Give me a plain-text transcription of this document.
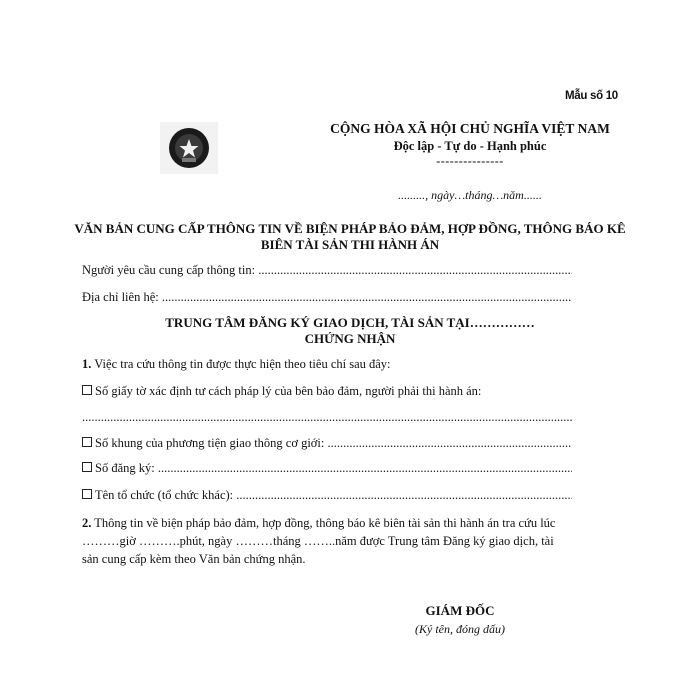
Mẫu số 10
CỘNG HÒA XÃ HỘI CHỦ NGHĨA VIỆT NAM
Độc lập - Tự do - Hạnh phúc
---------------
........., ngày…tháng…năm......
VĂN BẢN CUNG CẤP THÔNG TIN VỀ BIỆN PHÁP BẢO ĐẢM, HỢP ĐỒNG, THÔNG BÁO KÊ BIÊN TÀI SẢN THI HÀNH ÁN
Người yêu cầu cung cấp thông tin: .....
Địa chỉ liên hệ: .....
TRUNG TÂM ĐĂNG KÝ GIAO DỊCH, TÀI SẢN TẠI……………
CHỨNG NHẬN
1. Việc tra cứu thông tin được thực hiện theo tiêu chí sau đây:
Số giấy tờ xác định tư cách pháp lý của bên bảo đảm, người phải thi hành án:
.....
Số khung của phương tiện giao thông cơ giới: .....
Số đăng ký: .....
Tên tổ chức (tổ chức khác): .....
2. Thông tin về biện pháp bảo đảm, hợp đồng, thông báo kê biên tài sản thi hành án tra cứu lúc ………giờ ……….phút, ngày ………tháng ……..năm được Trung tâm Đăng ký giao dịch, tài sản cung cấp kèm theo Văn bản chứng nhận.
GIÁM ĐỐC
(Ký tên, đóng dấu)
